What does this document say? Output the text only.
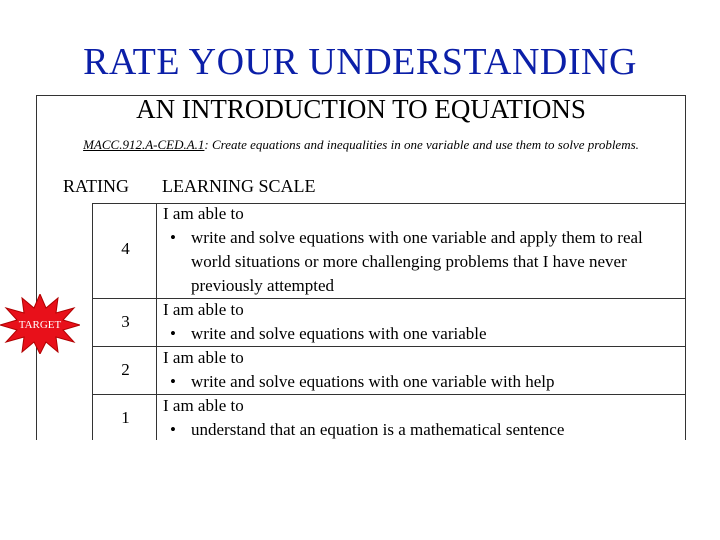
RATE YOUR UNDERSTANDING
AN INTRODUCTION TO EQUATIONS
MACC.912.A-CED.A.1: Create equations and inequalities in one variable and use them to solve problems.
RATING	LEARNING SCALE
4
3
2
1
I am able to
• write and solve equations with one variable and apply them to real world situations or more challenging problems that I have never previously attempted
I am able to
• write and solve equations with one variable
I am able to
• write and solve equations with one variable with help
I am able to
• understand that an equation is a mathematical sentence
TARGET
